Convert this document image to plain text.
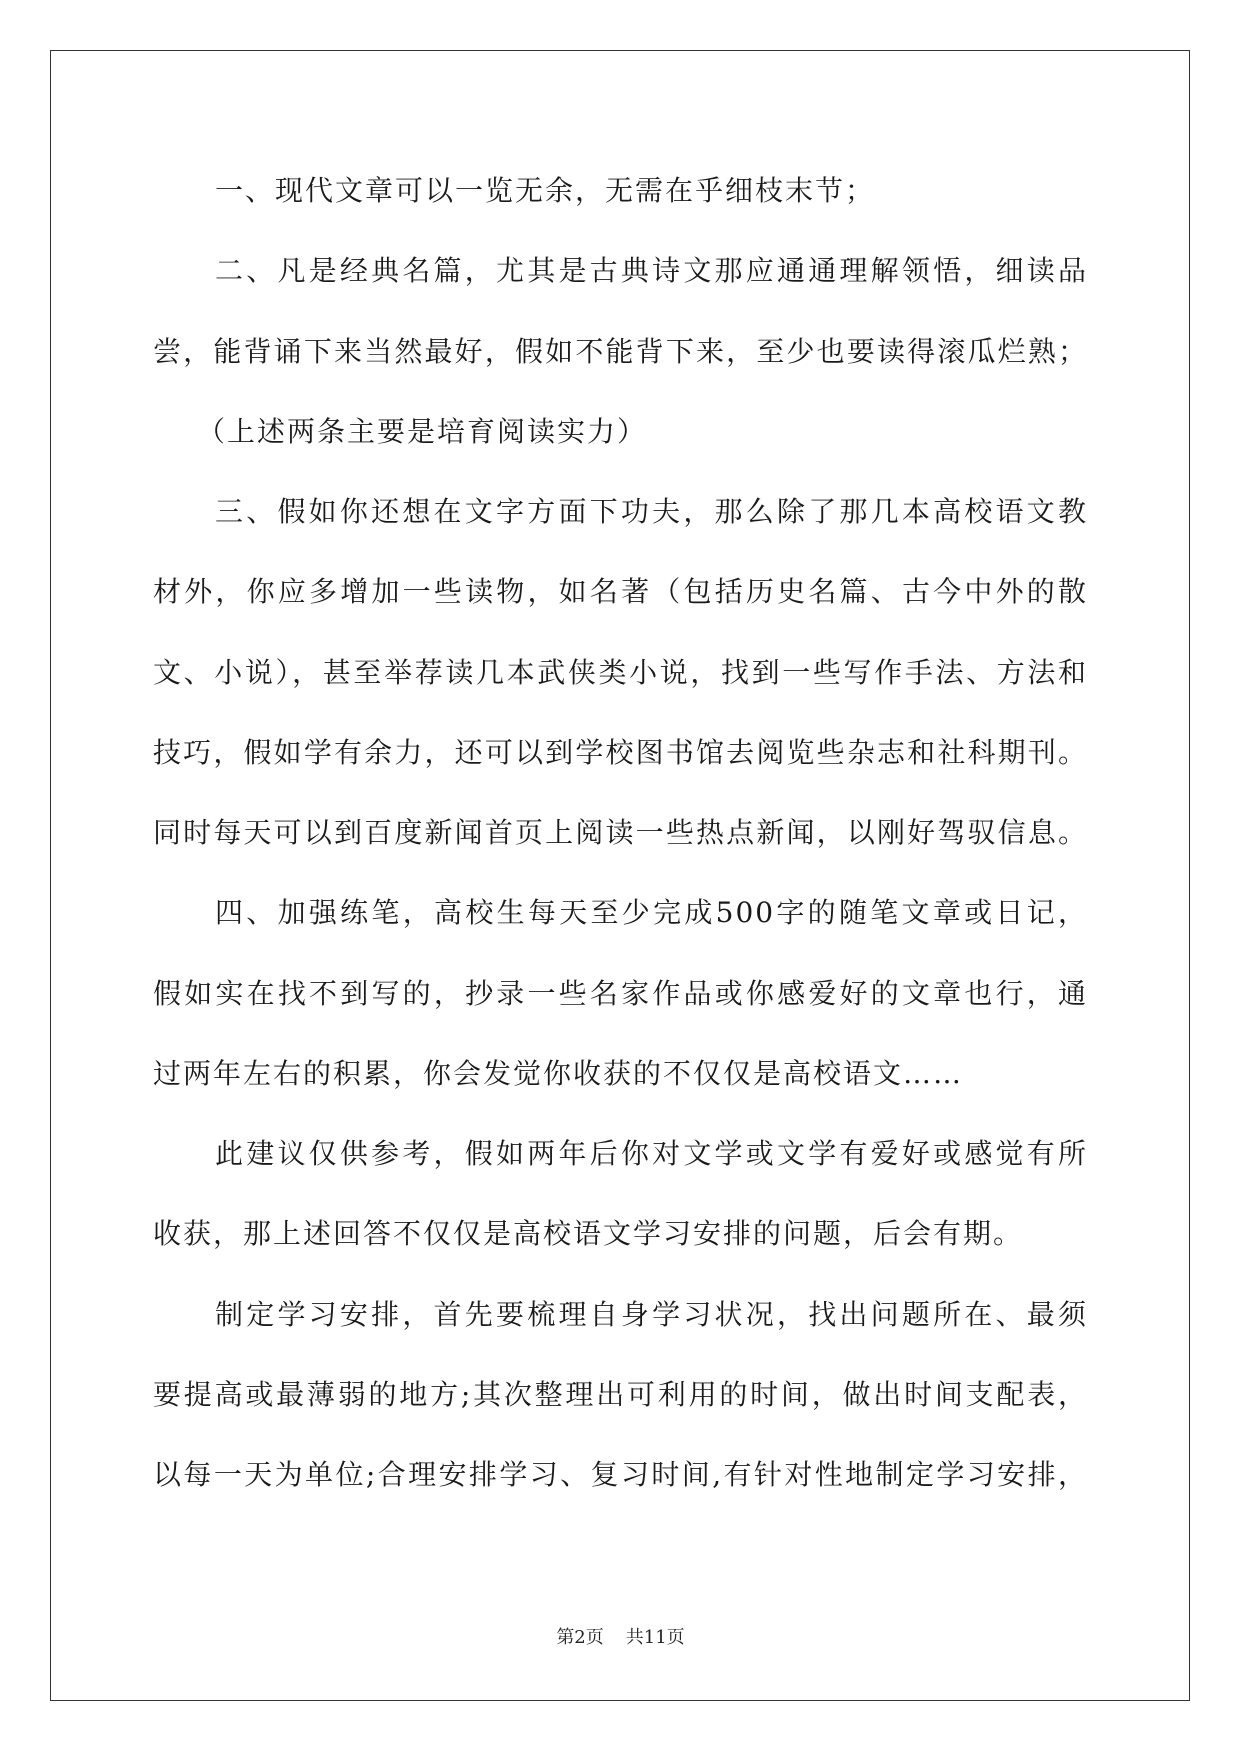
一、现代文章可以一览无余，无需在乎细枝末节；
二、凡是经典名篇，尤其是古典诗文那应通通理解领悟，细读品
尝，能背诵下来当然最好，假如不能背下来，至少也要读得滚瓜烂熟；
（上述两条主要是培育阅读实力）
三、假如你还想在文字方面下功夫，那么除了那几本高校语文教
材外，你应多增加一些读物，如名著（包括历史名篇、古今中外的散
文、小说），甚至举荐读几本武侠类小说，找到一些写作手法、方法和
技巧，假如学有余力，还可以到学校图书馆去阅览些杂志和社科期刊。
同时每天可以到百度新闻首页上阅读一些热点新闻，以刚好驾驭信息。
四、加强练笔，高校生每天至少完成500字的随笔文章或日记，
假如实在找不到写的，抄录一些名家作品或你感爱好的文章也行，通
过两年左右的积累，你会发觉你收获的不仅仅是高校语文……
此建议仅供参考，假如两年后你对文学或文学有爱好或感觉有所
收获，那上述回答不仅仅是高校语文学习安排的问题，后会有期。
制定学习安排，首先要梳理自身学习状况，找出问题所在、最须
要提高或最薄弱的地方;其次整理出可利用的时间，做出时间支配表，
以每一天为单位;合理安排学习、复习时间,有针对性地制定学习安排，
第2页 共11页
